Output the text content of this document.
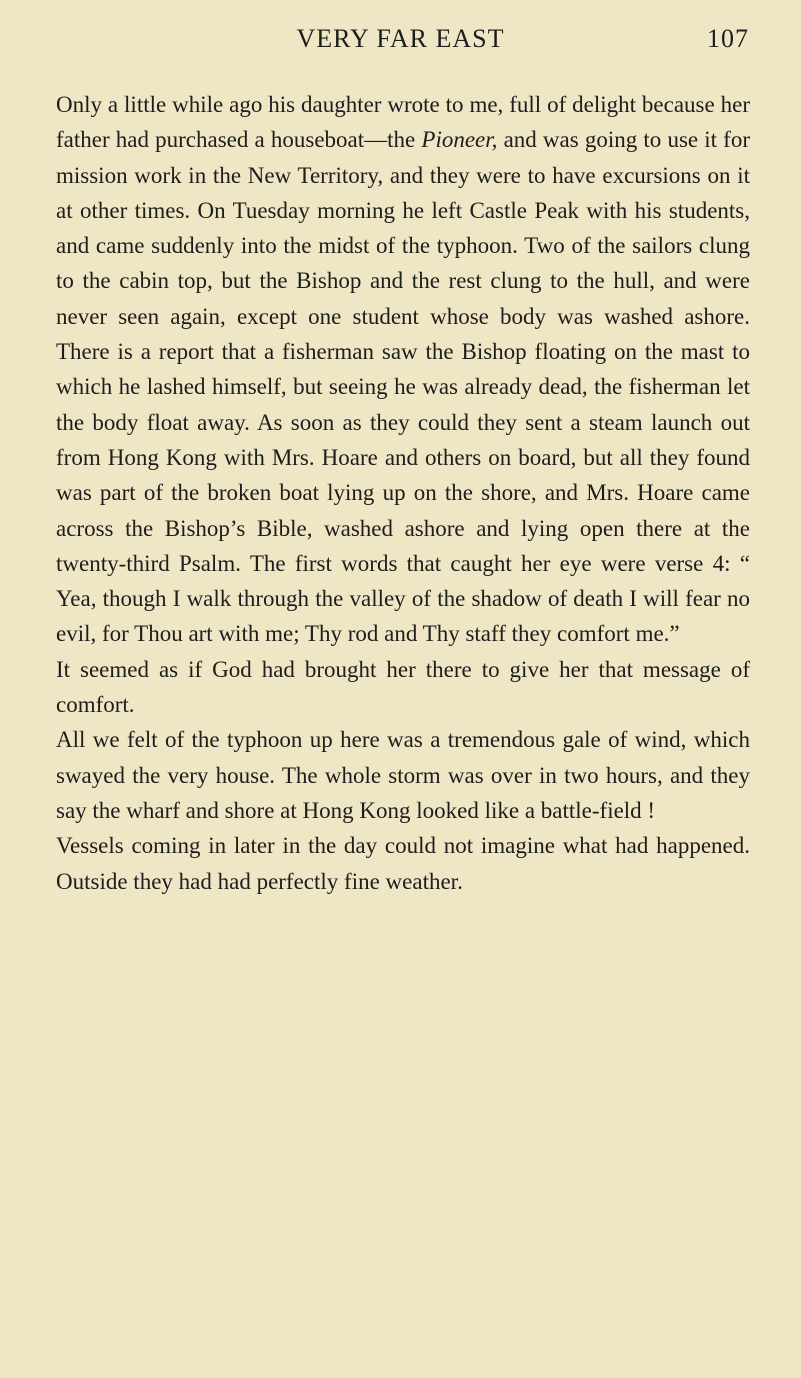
VERY FAR EAST	107

Only a little while ago his daughter wrote to me, full of delight because her father had purchased a houseboat—the Pioneer, and was going to use it for mission work in the New Territory, and they were to have excursions on it at other times. On Tuesday morning he left Castle Peak with his students, and came suddenly into the midst of the typhoon. Two of the sailors clung to the cabin top, but the Bishop and the rest clung to the hull, and were never seen again, except one student whose body was washed ashore. There is a report that a fisherman saw the Bishop floating on the mast to which he lashed himself, but seeing he was already dead, the fisherman let the body float away. As soon as they could they sent a steam launch out from Hong Kong with Mrs. Hoare and others on board, but all they found was part of the broken boat lying up on the shore, and Mrs. Hoare came across the Bishop’s Bible, washed ashore and lying open there at the twenty-third Psalm. The first words that caught her eye were verse 4: “ Yea, though I walk through the valley of the shadow of death I will fear no evil, for Thou art with me; Thy rod and Thy staff they comfort me.”

It seemed as if God had brought her there to give her that message of comfort.

All we felt of the typhoon up here was a tremendous gale of wind, which swayed the very house. The whole storm was over in two hours, and they say the wharf and shore at Hong Kong looked like a battle-field !

Vessels coming in later in the day could not imagine what had happened. Outside they had had perfectly fine weather.
